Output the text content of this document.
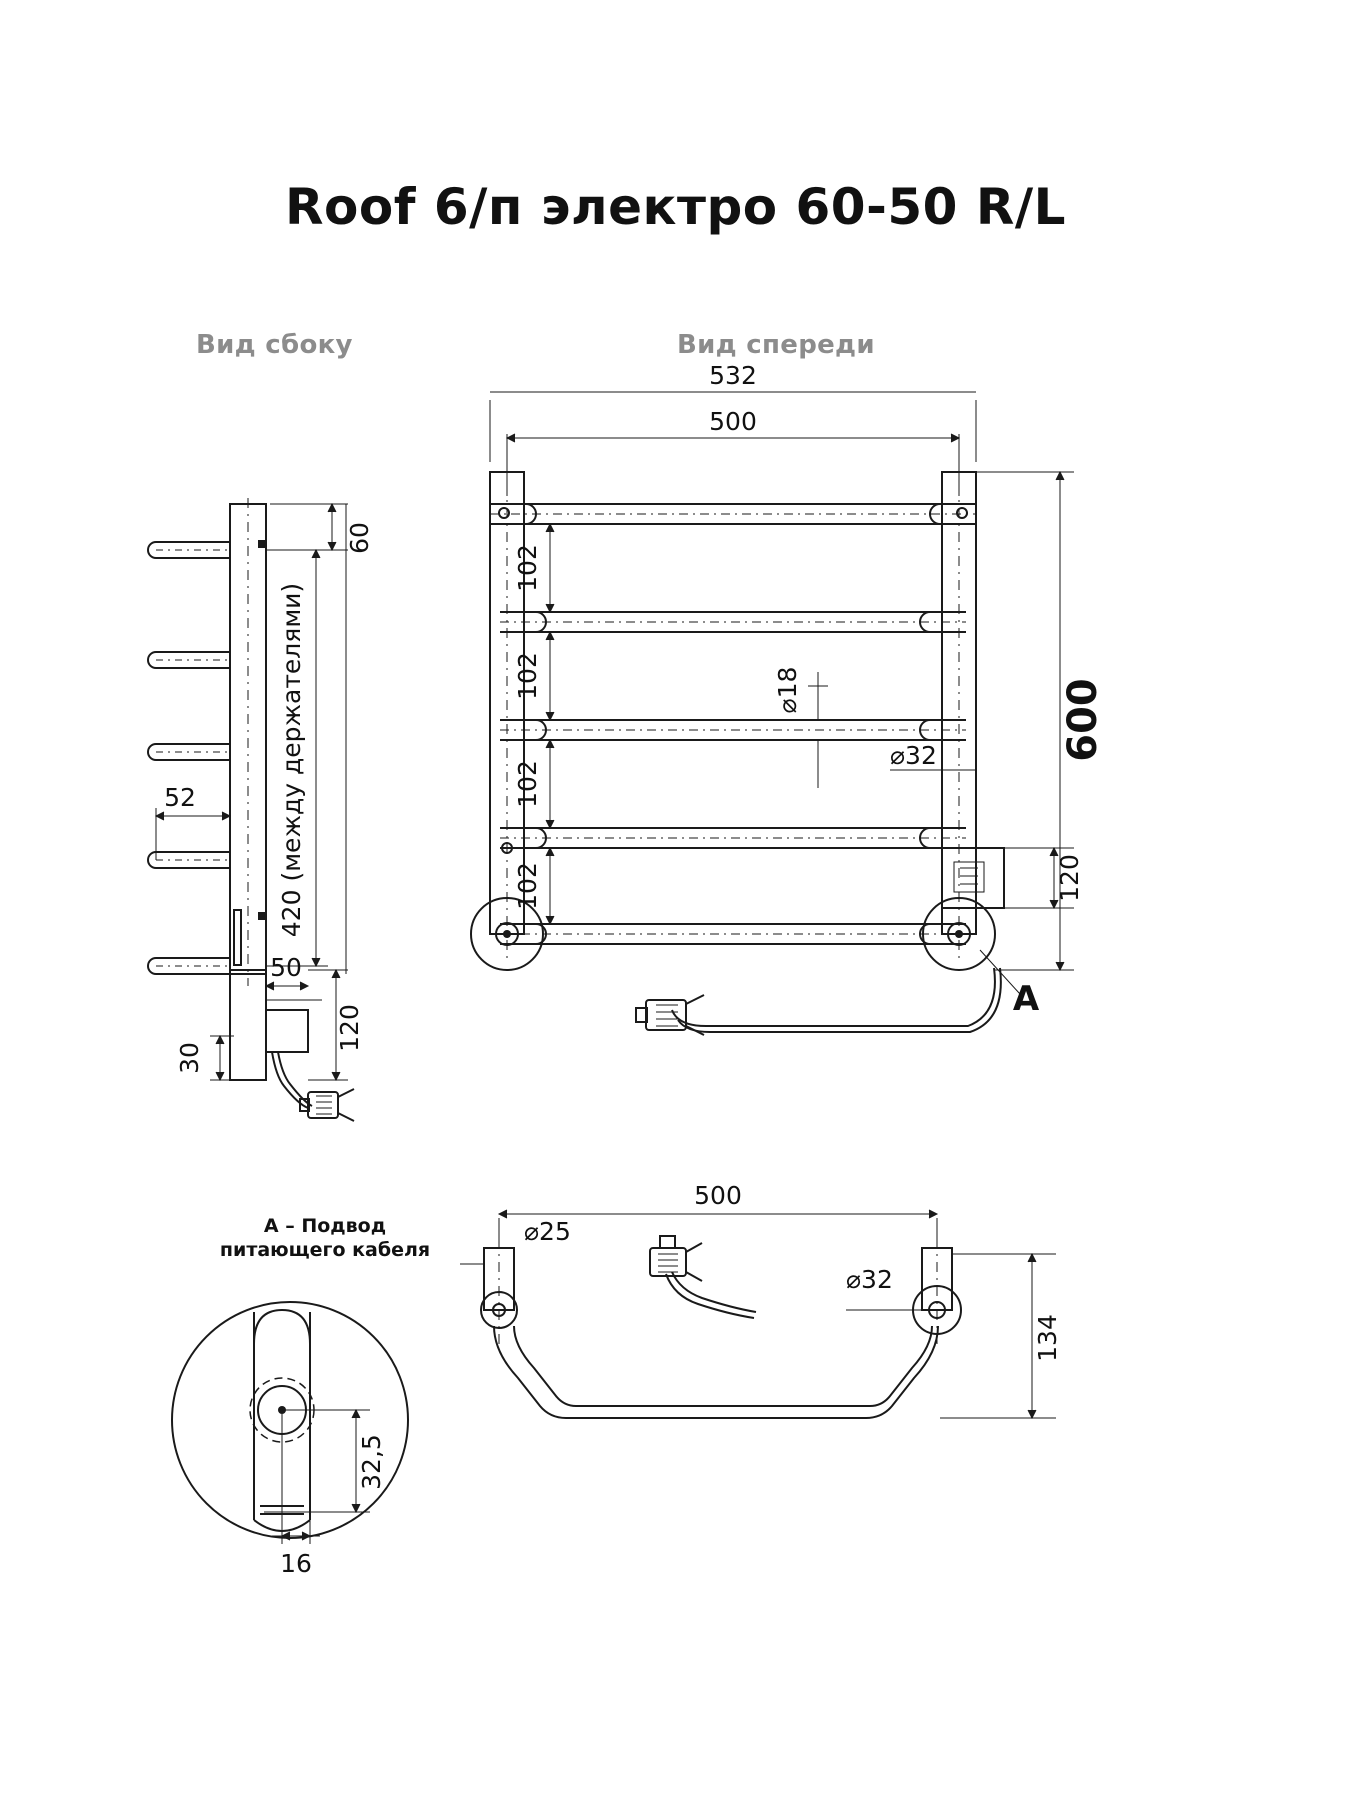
Roof 6/п электро 60-50 R/L
Вид сбоку	Вид спереди
A – Подвод
питающего кабеля
60
420 (между держателями)
52
50
120
30
532
500
600
102
102
102
102
⌀18
⌀32
120
A
32,5
16
500
⌀25
⌀32
134
